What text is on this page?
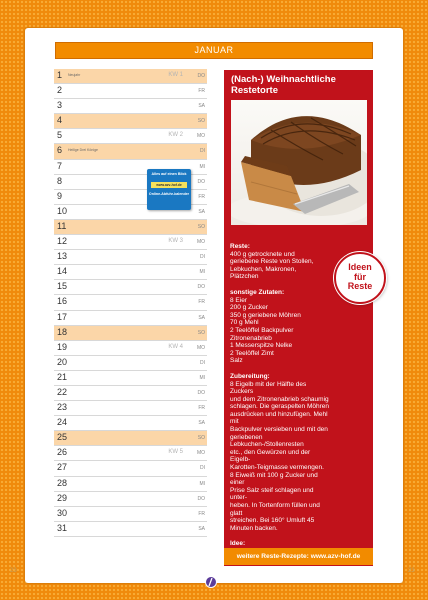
JANUAR
1 Neujahr	KW 1	DO
2	FR
3	SA
4	SO
5	KW 2	MO
6 Heilige Drei Könige	DI
7	MI
8	DO
9	FR
10	SA
11	SO
12	KW 3	MO
13	DI
14	MI
15	DO
16	FR
17	SA
18	SO
19	KW 4	MO
20	DI
21	MI
22	DO
23	FR
24	SA
25	SO
26	KW 5	MO
27	DI
28	MI
29	DO
30	FR
31	SA
Alles auf einen Blick
www.azv-hof.de
Online-Abfuhr-kalender
(Nach-) Weihnachtliche Restetorte
Reste:
400 g getrocknete und
geriebene Reste von Stollen,
Lebkuchen, Makronen,
Plätzchen
sonstige Zutaten:
8 Eier
200 g Zucker
350 g geriebene Möhren
70 g Mehl
2 Teelöffel Backpulver
Zitronenabrieb
1 Messerspitze Nelke
2 Teelöffel Zimt
Salz
Zubereitung:
8 Eigelb mit der Hälfte des Zuckers
und dem Zitronenabrieb schaumig
schlagen. Die geraspelten Möhren
ausdrücken und hinzufügen. Mehl mit
Backpulver versieben und mit den
geriebenen Lebkuchen-/Stollenresten
etc., den Gewürzen und der Eigelb-
Karotten-Teigmasse vermengen.
8 Eiweiß mit 100 g Zucker und einer
Prise Salz steif schlagen und unter-
heben. In Tortenform füllen und glatt
streichen. Bei 160° Umluft 45
Minuten backen.
Idee:
Ideen
für
Reste
weitere Reste-Rezepte: www.azv-hof.de
23	23
